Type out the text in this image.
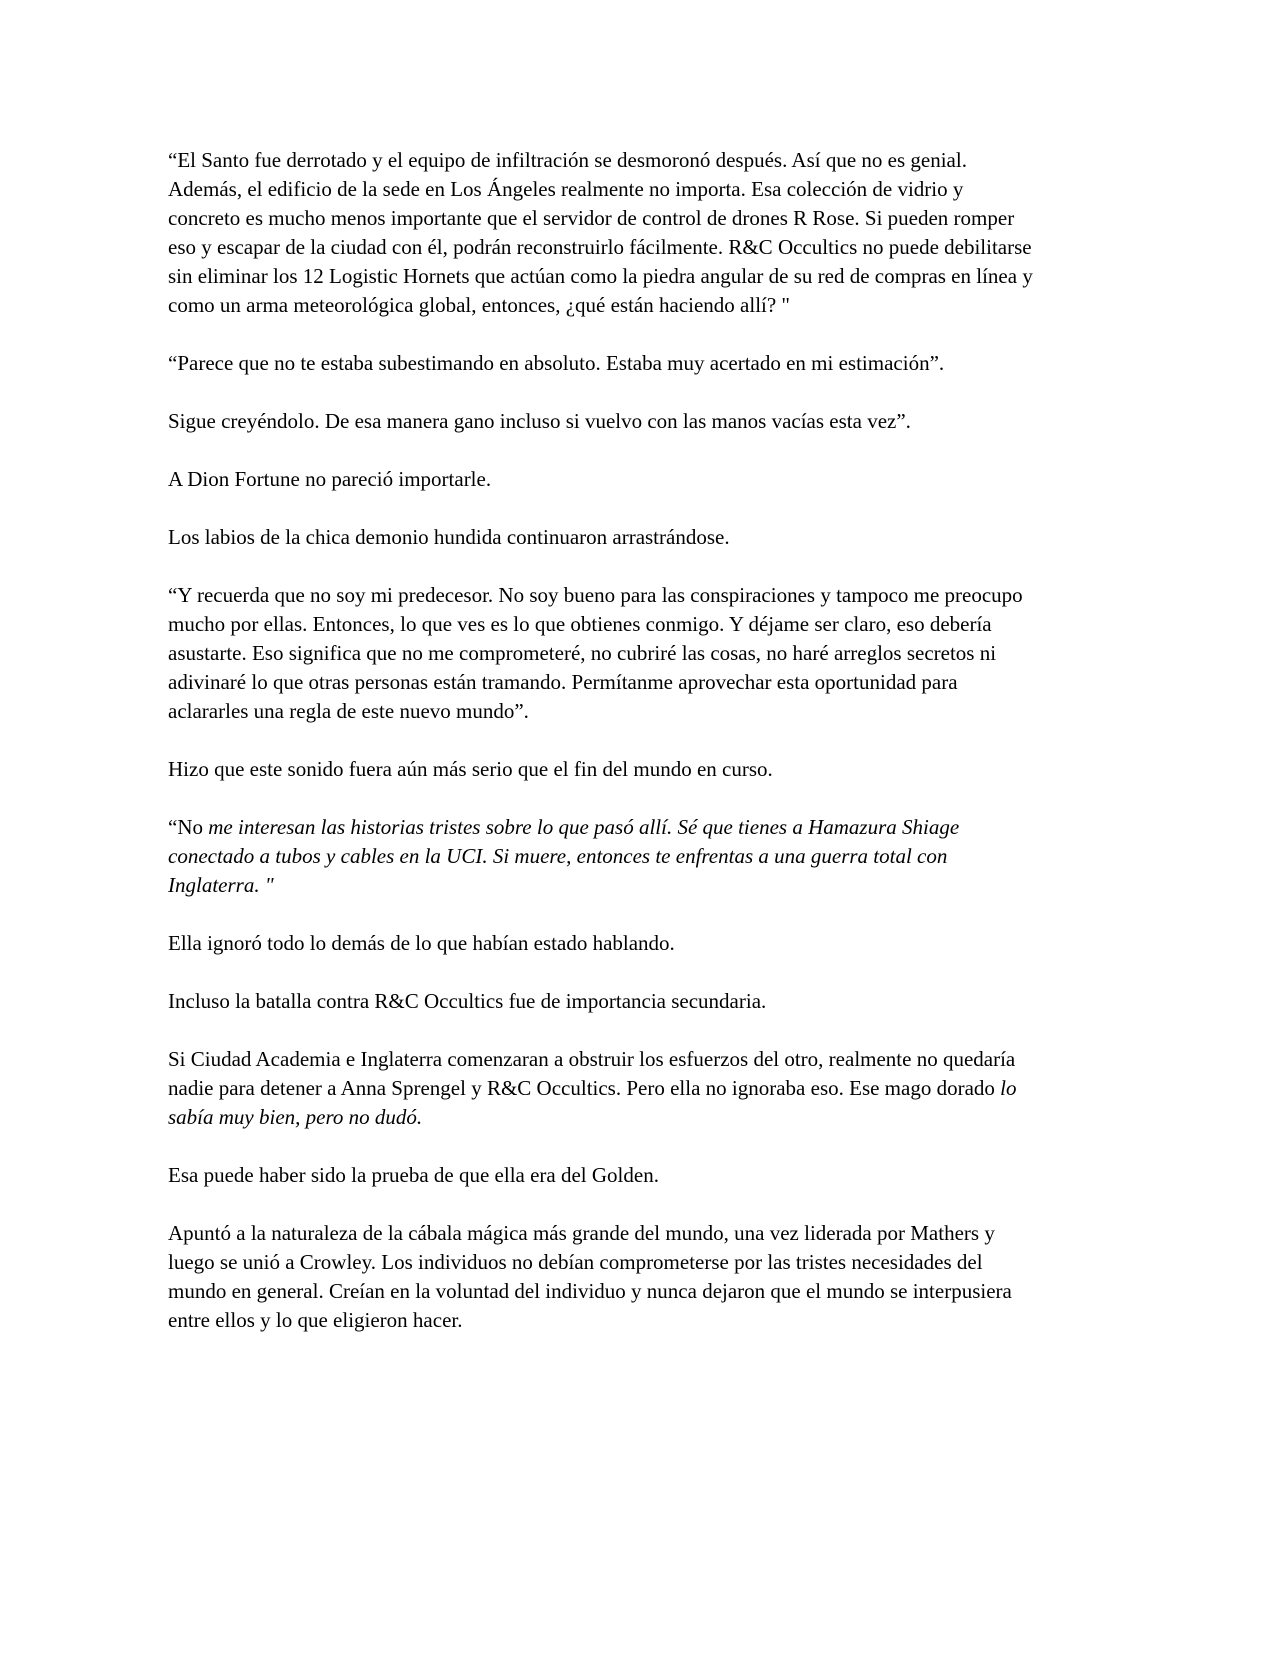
“El Santo fue derrotado y el equipo de infiltración se desmoronó después. Así que no es genial. Además, el edificio de la sede en Los Ángeles realmente no importa. Esa colección de vidrio y concreto es mucho menos importante que el servidor de control de drones R Rose. Si pueden romper eso y escapar de la ciudad con él, podrán reconstruirlo fácilmente. R&C Occultics no puede debilitarse sin eliminar los 12 Logistic Hornets que actúan como la piedra angular de su red de compras en línea y como un arma meteorológica global, entonces, ¿qué están haciendo allí? "

“Parece que no te estaba subestimando en absoluto. Estaba muy acertado en mi estimación”.

Sigue creyéndolo. De esa manera gano incluso si vuelvo con las manos vacías esta vez”.

A Dion Fortune no pareció importarle.

Los labios de la chica demonio hundida continuaron arrastrándose.

“Y recuerda que no soy mi predecesor. No soy bueno para las conspiraciones y tampoco me preocupo mucho por ellas. Entonces, lo que ves es lo que obtienes conmigo. Y déjame ser claro, eso debería asustarte. Eso significa que no me comprometeré, no cubriré las cosas, no haré arreglos secretos ni adivinaré lo que otras personas están tramando. Permítanme aprovechar esta oportunidad para aclararles una regla de este nuevo mundo”.

Hizo que este sonido fuera aún más serio que el fin del mundo en curso.

“No me interesan las historias tristes sobre lo que pasó allí. Sé que tienes a Hamazura Shiage conectado a tubos y cables en la UCI. Si muere, entonces te enfrentas a una guerra total con Inglaterra. "

Ella ignoró todo lo demás de lo que habían estado hablando.

Incluso la batalla contra R&C Occultics fue de importancia secundaria.

Si Ciudad Academia e Inglaterra comenzaran a obstruir los esfuerzos del otro, realmente no quedaría nadie para detener a Anna Sprengel y R&C Occultics. Pero ella no ignoraba eso. Ese mago dorado lo sabía muy bien, pero no dudó.

Esa puede haber sido la prueba de que ella era del Golden.

Apuntó a la naturaleza de la cábala mágica más grande del mundo, una vez liderada por Mathers y luego se unió a Crowley. Los individuos no debían comprometerse por las tristes necesidades del mundo en general. Creían en la voluntad del individuo y nunca dejaron que el mundo se interpusiera entre ellos y lo que eligieron hacer.
